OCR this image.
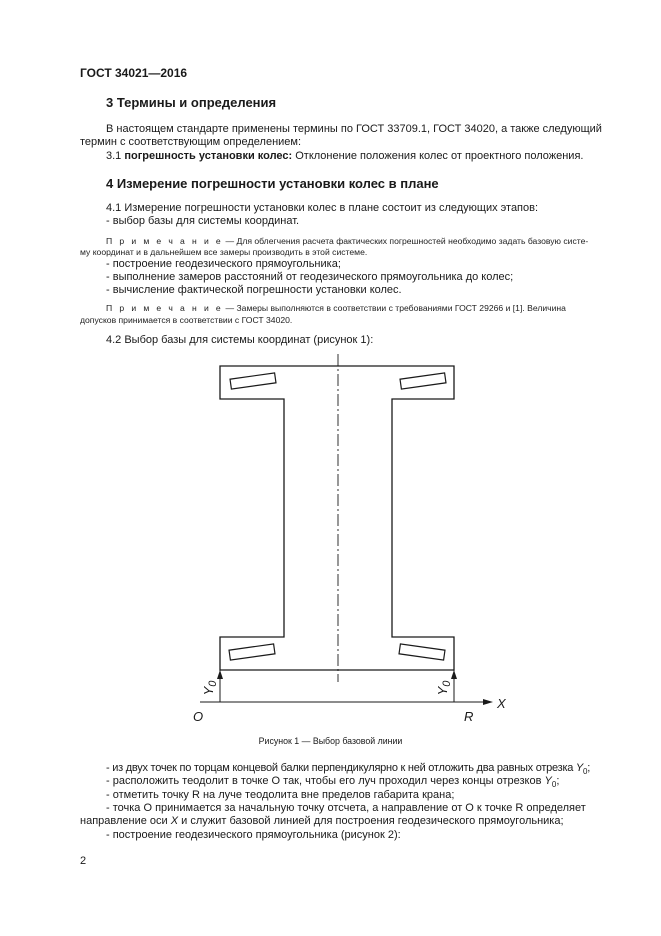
ГОСТ 34021—2016
3 Термины и определения
В настоящем стандарте применены термины по ГОСТ 33709.1, ГОСТ 34020, а также следующий
термин с соответствующим определением:
3.1 погрешность установки колес: Отклонение положения колес от проектного положения.
4 Измерение погрешности установки колес в плане
4.1 Измерение погрешности установки колес в плане состоит из следующих этапов:
- выбор базы для системы координат.
П р и м е ч а н и е — Для облегчения расчета фактических погрешностей необходимо задать базовую систе-
му координат и в дальнейшем все замеры производить в этой системе.
- построение геодезического прямоугольника;
- выполнение замеров расстояний от геодезического прямоугольника до колес;
- вычисление фактической погрешности установки колес.
П р и м е ч а н и е — Замеры выполняются в соответствии с требованиями ГОСТ 29266 и [1]. Величина
допусков принимается в соответствии с ГОСТ 34020.
4.2 Выбор базы для системы координат (рисунок 1):
$Y_0$
$Y_0$
O	R
X
Рисунок 1 — Выбор базовой линии
- из двух точек по торцам концевой балки перпендикулярно к ней отложить два равных отрезка $Y_0$;
- расположить теодолит в точке О так, чтобы его луч проходил через концы отрезков $Y_0$;
- отметить точку R на луче теодолита вне пределов габарита крана;
- точка О принимается за начальную точку отсчета, а направление от О к точке R определяет
направление оси X и служит базовой линией для построения геодезического прямоугольника;
- построение геодезического прямоугольника (рисунок 2):
2
